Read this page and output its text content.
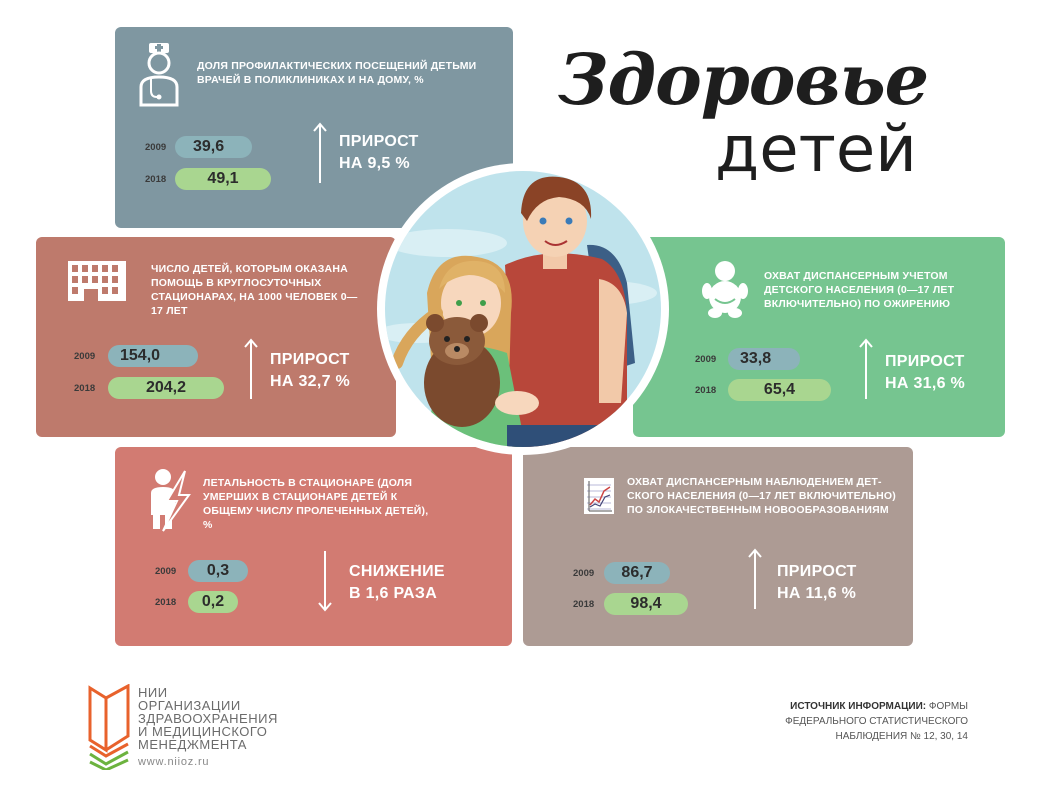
Здоровье
детей
ДОЛЯ ПРОФИЛАКТИЧЕСКИХ ПОСЕЩЕНИЙ ДЕТЬМИ ВРАЧЕЙ В ПОЛИКЛИНИКАХ И НА ДОМУ, %
2009	39,6
2018	49,1
ПРИРОСТ
НА 9,5 %
ЧИСЛО ДЕТЕЙ, КОТОРЫМ ОКАЗАНА ПОМОЩЬ В КРУГЛОСУТОЧНЫХ СТАЦИОНАРАХ, НА 1000 ЧЕЛОВЕК 0—17 ЛЕТ
2009	154,0
2018	204,2
ПРИРОСТ
НА 32,7 %
ОХВАТ ДИСПАНСЕРНЫМ УЧЕТОМ ДЕТСКОГО НАСЕЛЕНИЯ (0—17 ЛЕТ ВКЛЮЧИТЕЛЬНО) ПО ОЖИРЕНИЮ
2009	33,8
2018	65,4
ПРИРОСТ
НА 31,6 %
ЛЕТАЛЬНОСТЬ В СТАЦИОНАРЕ (ДОЛЯ УМЕРШИХ В СТАЦИОНАРЕ ДЕТЕЙ К ОБЩЕМУ ЧИСЛУ ПРОЛЕЧЕННЫХ ДЕТЕЙ), %
2009	0,3
2018	0,2
СНИЖЕНИЕ
В 1,6 РАЗА
ОХВАТ ДИСПАНСЕРНЫМ НАБЛЮДЕНИЕМ ДЕТ-СКОГО НАСЕЛЕНИЯ (0—17 ЛЕТ ВКЛЮЧИТЕЛЬНО) ПО ЗЛОКАЧЕСТВЕННЫМ НОВООБРАЗОВАНИЯМ
2009	86,7
2018	98,4
ПРИРОСТ
НА 11,6 %
НИИ
ОРГАНИЗАЦИИ
ЗДРАВООХРАНЕНИЯ
И МЕДИЦИНСКОГО
МЕНЕДЖМЕНТА
www.niioz.ru
ИСТОЧНИК ИНФОРМАЦИИ: ФОРМЫ
ФЕДЕРАЛЬНОГО СТАТИСТИЧЕСКОГО
НАБЛЮДЕНИЯ № 12, 30, 14
